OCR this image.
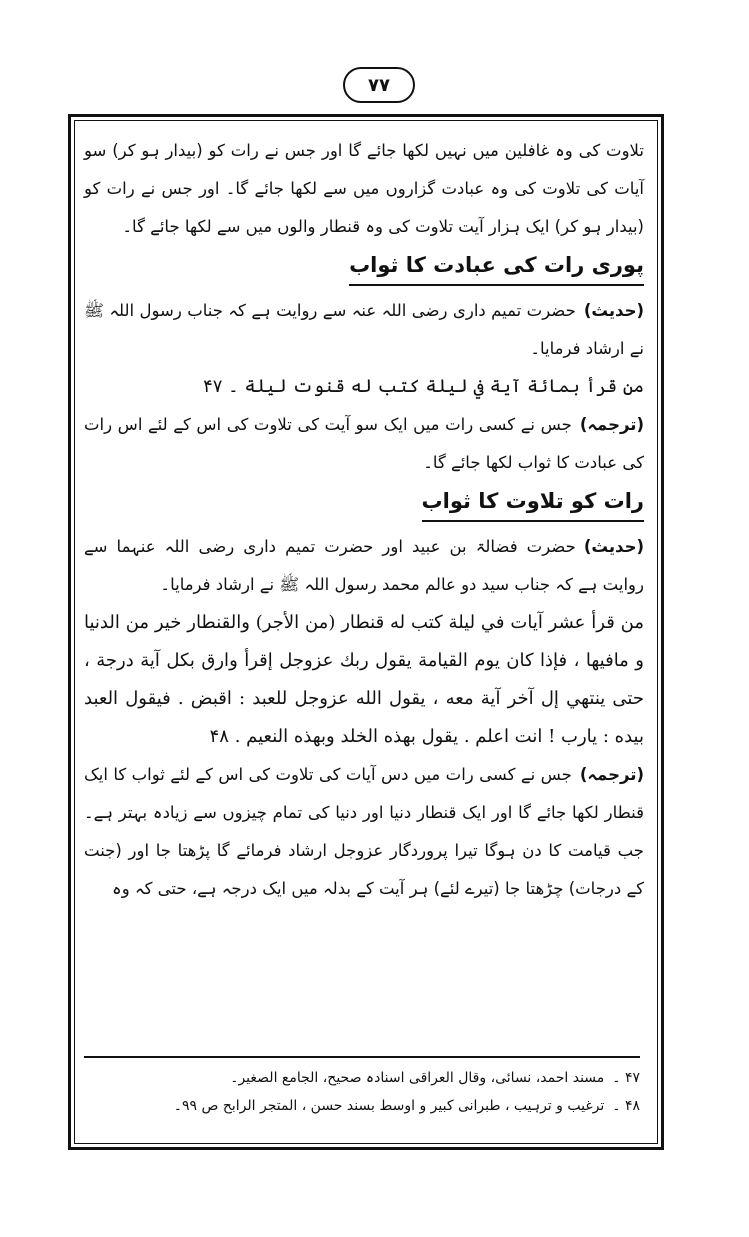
۷۷

تلاوت کی وہ غافلین میں نہیں لکھا جائے گا اور جس نے رات کو (بیدار ہو کر) سو آیات کی تلاوت کی وہ عبادت گزاروں میں سے لکھا جائے گا۔ اور جس نے رات کو (بیدار ہو کر) ایک ہزار آیت تلاوت کی وہ قنطار والوں میں سے لکھا جائے گا۔

پوری رات کی عبادت کا ثواب

(حدیث)حضرت تمیم داری رضی اللہ عنہ سے روایت ہے کہ جناب رسول اللہ ﷺ نے ارشاد فرمایا۔

من قرأ بمائة آية في ليلة كتب له قنوت ليلة ۔ ۴۷

(ترجمہ)جس نے کسی رات میں ایک سو آیت کی تلاوت کی اس کے لئے اس رات کی عبادت کا ثواب لکھا جائے گا۔

رات کو تلاوت کا ثواب

(حدیث)حضرت فضالۃ بن عبید اور حضرت تمیم داری رضی اللہ عنہما سے روایت ہے کہ جناب سید دو عالم محمد رسول اللہ ﷺ نے ارشاد فرمایا۔

من قرأ عشر آيات في ليلة كتب له قنطار (من الأجر) والقنطار خير من الدنيا و مافيها ، فإذا كان يوم القيامة يقول ربك عزوجل إقرأ وارق بكل آية درجة ، حتى ينتهي إل آخر آية معه ، يقول الله عزوجل للعبد : اقبض . فيقول العبد بيده : يارب ! انت اعلم . يقول بهذه الخلد وبهذه النعيم . ۴۸

(ترجمہ)جس نے کسی رات میں دس آیات کی تلاوت کی اس کے لئے ثواب کا ایک قنطار لکھا جائے گا اور ایک قنطار دنیا اور دنیا کی تمام چیزوں سے زیادہ بہتر ہے۔ جب قیامت کا دن ہوگا تیرا پروردگار عزوجل ارشاد فرمائے گا پڑھتا جا اور (جنت کے درجات) چڑھتا جا (تیرے لئے) ہر آیت کے بدلہ میں ایک درجہ ہے، حتی کہ وہ

۴۷ ۔مسند احمد، نسائی، وقال العراقی اسنادہ صحیح، الجامع الصغیر۔

۴۸ ۔ترغیب و ترہیب ، طبرانی کبیر و اوسط بسند حسن ، المتجر الرابح ص ۹۹۔
